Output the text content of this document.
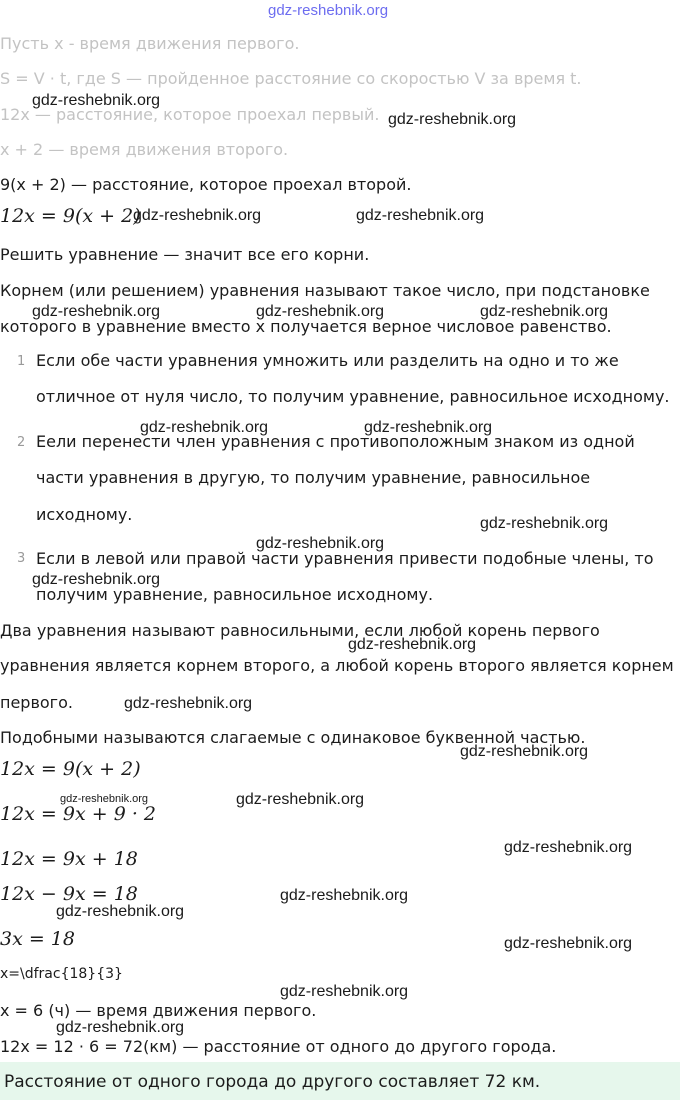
gdz-reshebnik.org
Пусть x - время движения первого.
S = V · t, где S — пройденное расстояние со скоростью V за время t.
12x — расстояние, которое проехал первый.
x + 2 — время движения второго.
9(x + 2) — расстояние, которое проехал второй.
12x = 9(x + 2)
Решить уравнение — значит все его корни.
Корнем (или решением) уравнения называют такое число, при подстановке
которого в уравнение вместо x получается верное числовое равенство.
1 Если обе части уравнения умножить или разделить на одно и то же
отличное от нуля число, то получим уравнение, равносильное исходному.
2 Еели перенести член уравнения с противоположным знаком из одной
части уравнения в другую, то получим уравнение, равносильное
исходному.
3 Если в левой или правой части уравнения привести подобные члены, то
получим уравнение, равносильное исходному.
Два уравнения называют равносильными, если любой корень первого
уравнения является корнем второго, а любой корень второго является корнем
первого.
Подобными называются слагаемые с одинаковое буквенной частью.
12x = 9(x + 2)
12x = 9x + 9 · 2
12x = 9x + 18
12x − 9x = 18
3x = 18
x=\dfrac{18}{3}
x = 6 (ч) — время движения первого.
12x = 12 · 6 = 72(км) — расстояние от одного до другого города.
Расстояние от одного города до другого составляет 72 км.
gdz-reshebnik.org
gdz-reshebnik.org
gdz-reshebnik.org	gdz-reshebnik.org
gdz-reshebnik.org	gdz-reshebnik.org	gdz-reshebnik.org
gdz-reshebnik.org	gdz-reshebnik.org
gdz-reshebnik.org
gdz-reshebnik.org
gdz-reshebnik.org
gdz-reshebnik.org
gdz-reshebnik.org
gdz-reshebnik.org
gdz-reshebnik.org	gdz-reshebnik.org
gdz-reshebnik.org
gdz-reshebnik.org
gdz-reshebnik.org
gdz-reshebnik.org
gdz-reshebnik.org
gdz-reshebnik.org
